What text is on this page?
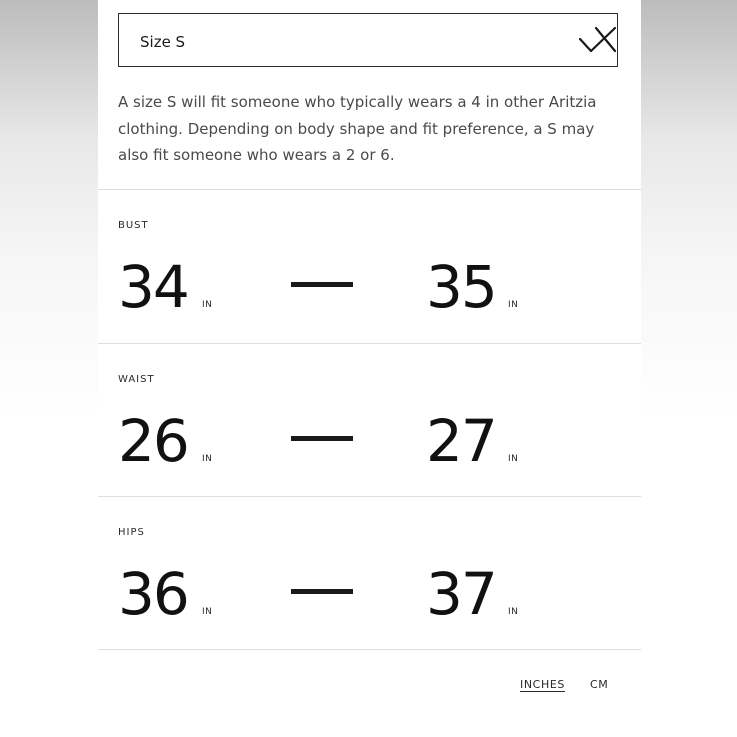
Size S

A size S will fit someone who typically wears a 4 in other Aritzia clothing. Depending on body shape and fit preference, a S may also fit someone who wears a 2 or 6.

BUST
34 IN	35 IN
WAIST
26 IN	27 IN
HIPS
36 IN	37 IN
INCHES CM
